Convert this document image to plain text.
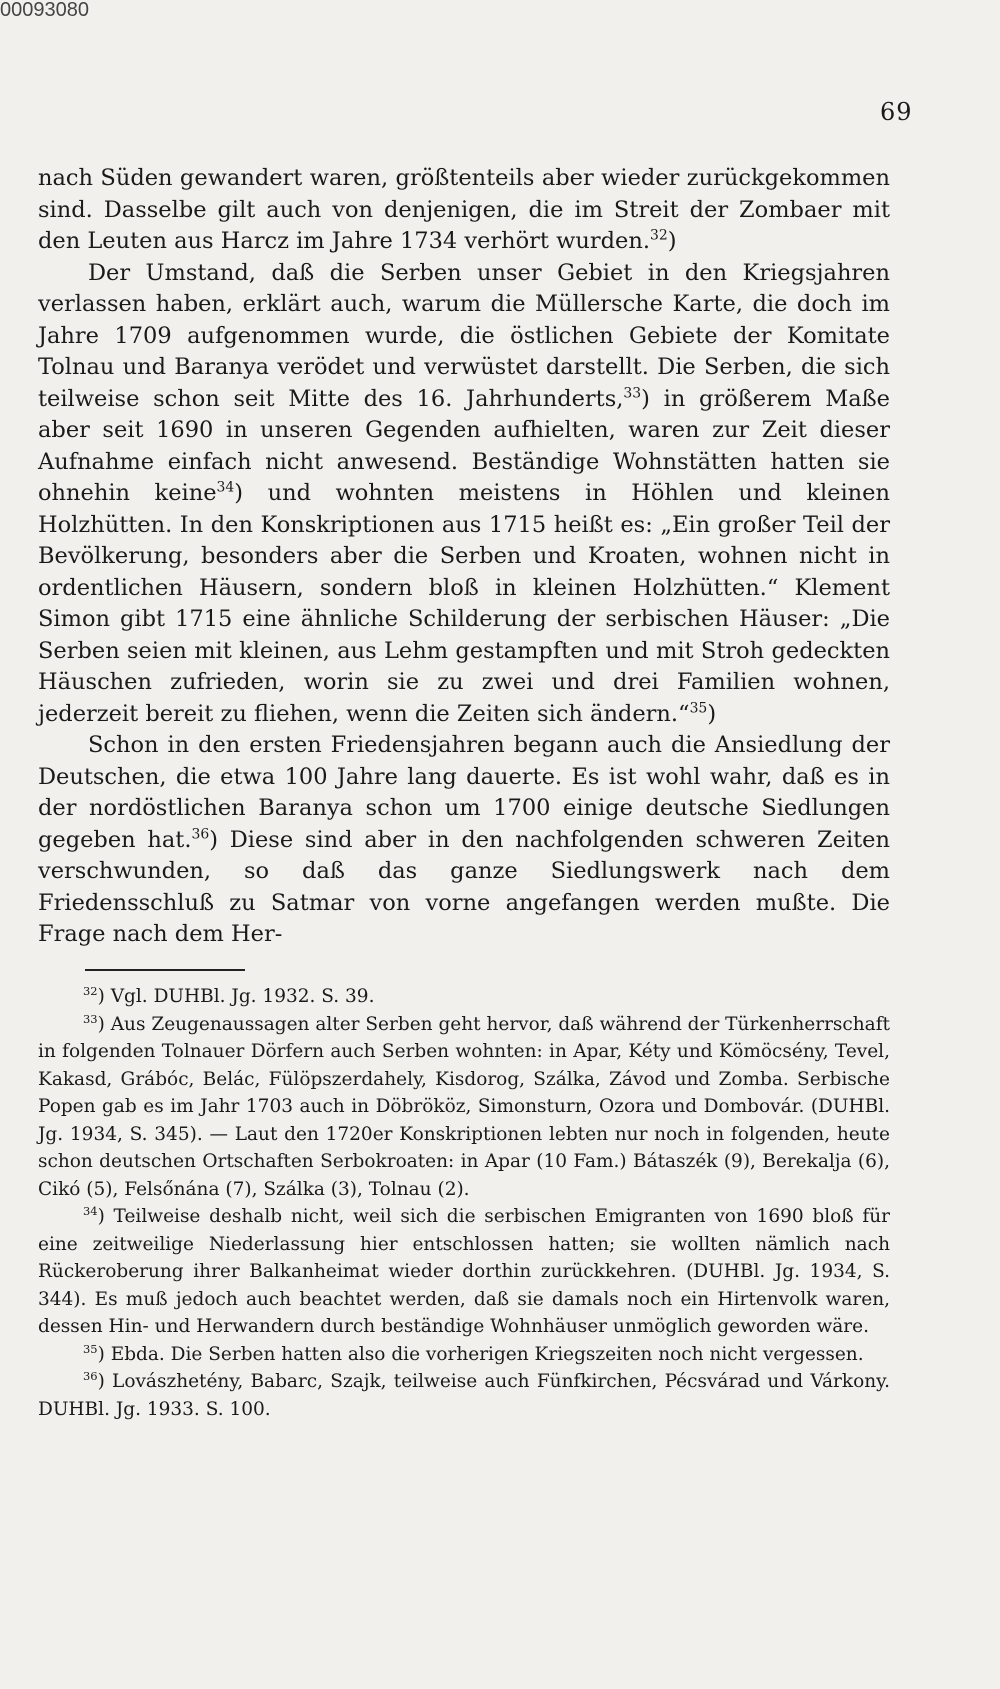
00093080
69

nach Süden gewandert waren, größtenteils aber wieder zurückgekommen sind. Dasselbe gilt auch von denjenigen, die im Streit der Zombaer mit den Leuten aus Harcz im Jahre 1734 verhört wurden.$^{32}$)

Der Umstand, daß die Serben unser Gebiet in den Kriegsjahren verlassen haben, erklärt auch, warum die Müllersche Karte, die doch im Jahre 1709 aufgenommen wurde, die östlichen Gebiete der Komitate Tolnau und Baranya verödet und verwüstet darstellt. Die Serben, die sich teilweise schon seit Mitte des 16. Jahrhunderts,$^{33}$) in größerem Maße aber seit 1690 in unseren Gegenden aufhielten, waren zur Zeit dieser Aufnahme einfach nicht anwesend. Beständige Wohnstätten hatten sie ohnehin keine$^{34}$) und wohnten meistens in Höhlen und kleinen Holzhütten. In den Konskriptionen aus 1715 heißt es: „Ein großer Teil der Bevölkerung, besonders aber die Serben und Kroaten, wohnen nicht in ordentlichen Häusern, sondern bloß in kleinen Holzhütten.“ Klement Simon gibt 1715 eine ähnliche Schilderung der serbischen Häuser: „Die Serben seien mit kleinen, aus Lehm gestampften und mit Stroh gedeckten Häuschen zufrieden, worin sie zu zwei und drei Familien wohnen, jederzeit bereit zu fliehen, wenn die Zeiten sich ändern.“$^{35}$)

Schon in den ersten Friedensjahren begann auch die Ansiedlung der Deutschen, die etwa 100 Jahre lang dauerte. Es ist wohl wahr, daß es in der nordöstlichen Baranya schon um 1700 einige deutsche Siedlungen gegeben hat.$^{36}$) Diese sind aber in den nachfolgenden schweren Zeiten verschwunden, so daß das ganze Siedlungswerk nach dem Friedensschluß zu Satmar von vorne angefangen werden mußte. Die Frage nach dem Her-

$^{32}$) Vgl. DUHBl. Jg. 1932. S. 39.

$^{33}$) Aus Zeugenaussagen alter Serben geht hervor, daß während der Türkenherrschaft in folgenden Tolnauer Dörfern auch Serben wohnten: in Apar, Kéty und Kömöcsény, Tevel, Kakasd, Grábóc, Belác, Fülöpszerdahely, Kisdorog, Szálka, Závod und Zomba. Serbische Popen gab es im Jahr 1703 auch in Döbrököz, Simonsturn, Ozora und Dombovár. (DUHBl. Jg. 1934, S. 345). — Laut den 1720er Konskriptionen lebten nur noch in folgenden, heute schon deutschen Ortschaften Serbokroaten: in Apar (10 Fam.) Bátaszék (9), Berekalja (6), Cikó (5), Felsőnána (7), Szálka (3), Tolnau (2).

$^{34}$) Teilweise deshalb nicht, weil sich die serbischen Emigranten von 1690 bloß für eine zeitweilige Niederlassung hier entschlossen hatten; sie wollten nämlich nach Rückeroberung ihrer Balkanheimat wieder dorthin zurückkehren. (DUHBl. Jg. 1934, S. 344). Es muß jedoch auch beachtet werden, daß sie damals noch ein Hirtenvolk waren, dessen Hin- und Herwandern durch beständige Wohnhäuser unmöglich geworden wäre.

$^{35}$) Ebda. Die Serben hatten also die vorherigen Kriegszeiten noch nicht vergessen.

$^{36}$) Lovászhetény, Babarc, Szajk, teilweise auch Fünfkirchen, Pécsvárad und Várkony. DUHBl. Jg. 1933. S. 100.
